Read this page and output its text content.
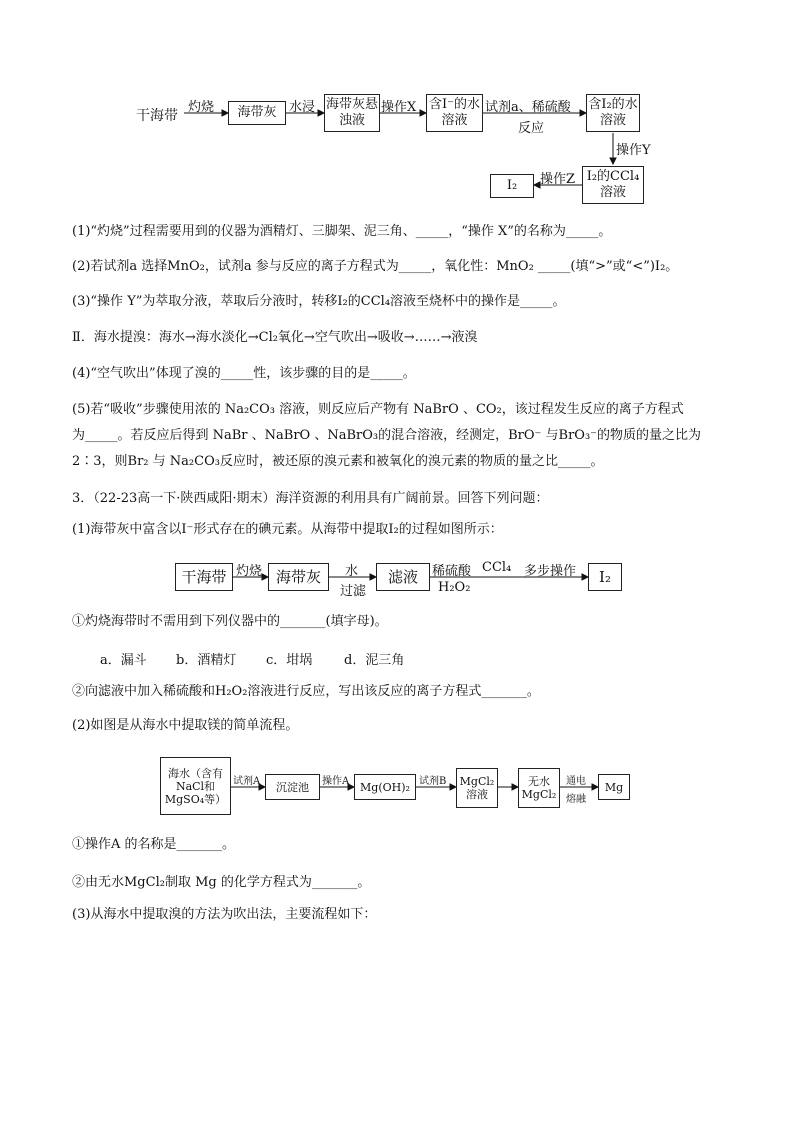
干海带	海带灰
海带灰悬浊液
含I⁻的水溶液
含I₂的水溶液
I₂的CCl₄溶液
I₂
灼烧	水浸	操作X	试剂a、稀硫酸
反应
操作Y
操作Z
(1)“灼烧”过程需要用到的仪器为酒精灯、三脚架、泥三角、_____，“操作 X”的名称为_____。
(2)若试剂a 选择MnO₂，试剂a 参与反应的离子方程式为_____，氧化性：MnO₂ _____(填“>”或“<”)I₂。
(3)“操作 Y”为萃取分液，萃取后分液时，转移I₂的CCl₄溶液至烧杯中的操作是_____。
Ⅱ．海水提溴：海水→海水淡化→Cl₂氧化→空气吹出→吸收→……→液溴
(4)“空气吹出”体现了溴的_____性，该步骤的目的是_____。
(5)若“吸收”步骤使用浓的 Na₂CO₃ 溶液，则反应后产物有 NaBrO 、CO₂，该过程发生反应的离子方程式
为_____。若反应后得到 NaBr 、NaBrO 、NaBrO₃的混合溶液，经测定，BrO⁻ 与BrO₃⁻的物质的量之比为
2∶3，则Br₂ 与 Na₂CO₃反应时，被还原的溴元素和被氧化的溴元素的物质的量之比_____。
3．（22-23高一下·陕西咸阳·期末）海洋资源的利用具有广阔前景。回答下列问题：
(1)海带灰中富含以I⁻形式存在的碘元素。从海带中提取I₂的过程如图所示：
干海带	海带灰	滤液	I₂
灼烧	水
过滤
稀硫酸
H₂O₂
CCl₄ 多步操作
①灼烧海带时不需用到下列仪器中的_______(填字母)。
a．漏斗 b．酒精灯 c．坩埚 d．泥三角
②向滤液中加入稀硫酸和H₂O₂溶液进行反应，写出该反应的离子方程式_______。
(2)如图是从海水中提取镁的简单流程。
海水（含有NaCl和MgSO₄等）
沉淀池	Mg(OH)₂	MgCl₂溶液
无水MgCl₂
Mg
试剂A	操作A	试剂B	通电
熔融
①操作A 的名称是_______。
②由无水MgCl₂制取 Mg 的化学方程式为_______。
(3)从海水中提取溴的方法为吹出法，主要流程如下：
